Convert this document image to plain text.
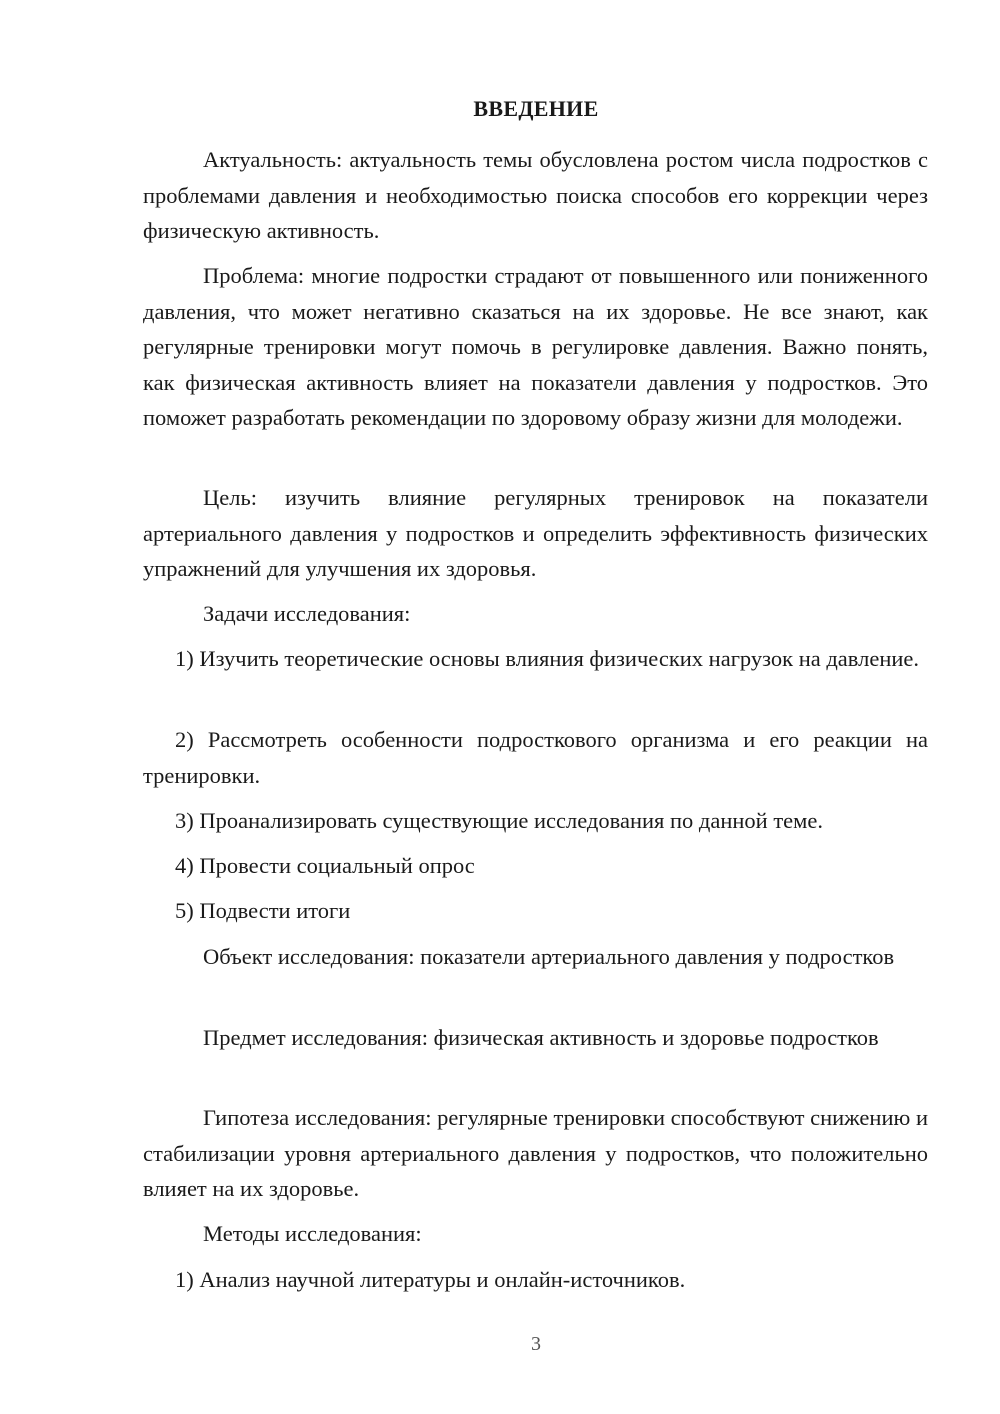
ВВЕДЕНИЕ
Актуальность: актуальность темы обусловлена ростом числа подростков с проблемами давления и необходимостью поиска способов его коррекции через физическую активность.
Проблема: многие подростки страдают от повышенного или пониженного давления, что может негативно сказаться на их здоровье. Не все знают, как регулярные тренировки могут помочь в регулировке давления. Важно понять, как физическая активность влияет на показатели давления у подростков. Это поможет разработать рекомендации по здоровому образу жизни для молодежи.
Цель: изучить влияние регулярных тренировок на показатели артериального давления у подростков и определить эффективность физических упражнений для улучшения их здоровья.
Задачи исследования:
1) Изучить теоретические основы влияния физических нагрузок на давление.
2) Рассмотреть особенности подросткового организма и его реакции на тренировки.
3) Проанализировать существующие исследования по данной теме.
4) Провести социальный опрос
5) Подвести итоги
Объект исследования: показатели артериального давления у подростков
Предмет исследования: физическая активность и здоровье подростков
Гипотеза исследования: регулярные тренировки способствуют снижению и стабилизации уровня артериального давления у подростков, что положительно влияет на их здоровье.
Методы исследования:
1) Анализ научной литературы и онлайн-источников.
3
